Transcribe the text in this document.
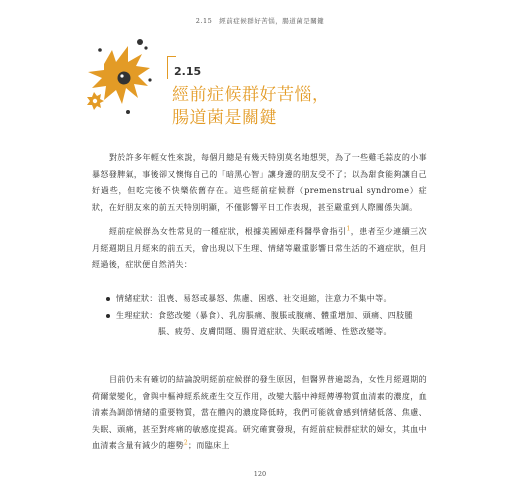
2.15　經前症候群好苦惱，腸道菌是關鍵
2.15
經前症候群好苦惱，
腸道菌是關鍵

對於許多年輕女性來說，每個月總是有幾天特別莫名地想哭，為了一些雞毛蒜皮的小事暴怒發脾氣，事後卻又懊悔自己的「暗黑心智」讓身邊的朋友受不了；以為甜食能夠讓自己好過些，但吃完後不快樂依舊存在。這些經前症候群（premenstrual syndrome）症狀，在好朋友來的前五天特別明顯，不僅影響平日工作表現，甚至嚴重到人際關係失調。

經前症候群為女性常見的一種症狀，根據美國婦產科醫學會指引$^1$，患者至少連續三次月經週期且月經來的前五天，會出現以下生理、情緒等嚴重影響日常生活的不適症狀，但月經過後，症狀便自然消失：

情緒症狀： 沮喪、易怒或暴怒、焦慮、困惑、社交退縮，注意力不集中等。
生理症狀： 食慾改變（暴食）、乳房脹痛、腹脹或腹痛、體重增加、頭痛、四肢腫脹、疲勞、皮膚問題、腸胃道症狀、失眠或嗜睡、性慾改變等。

目前仍未有確切的結論說明經前症候群的發生原因，但醫界普遍認為，女性月經週期的荷爾蒙變化，會與中樞神經系統產生交互作用，改變大腦中神經傳導物質血清素的濃度，血清素為調節情緒的重要物質，當在體內的濃度降低時，我們可能就會感到情緒低落、焦慮、失眠、頭痛，甚至對疼痛的敏感度提高。研究確實發現，有經前症候群症狀的婦女，其血中血清素含量有減少的趨勢$^2$；而臨床上

120
